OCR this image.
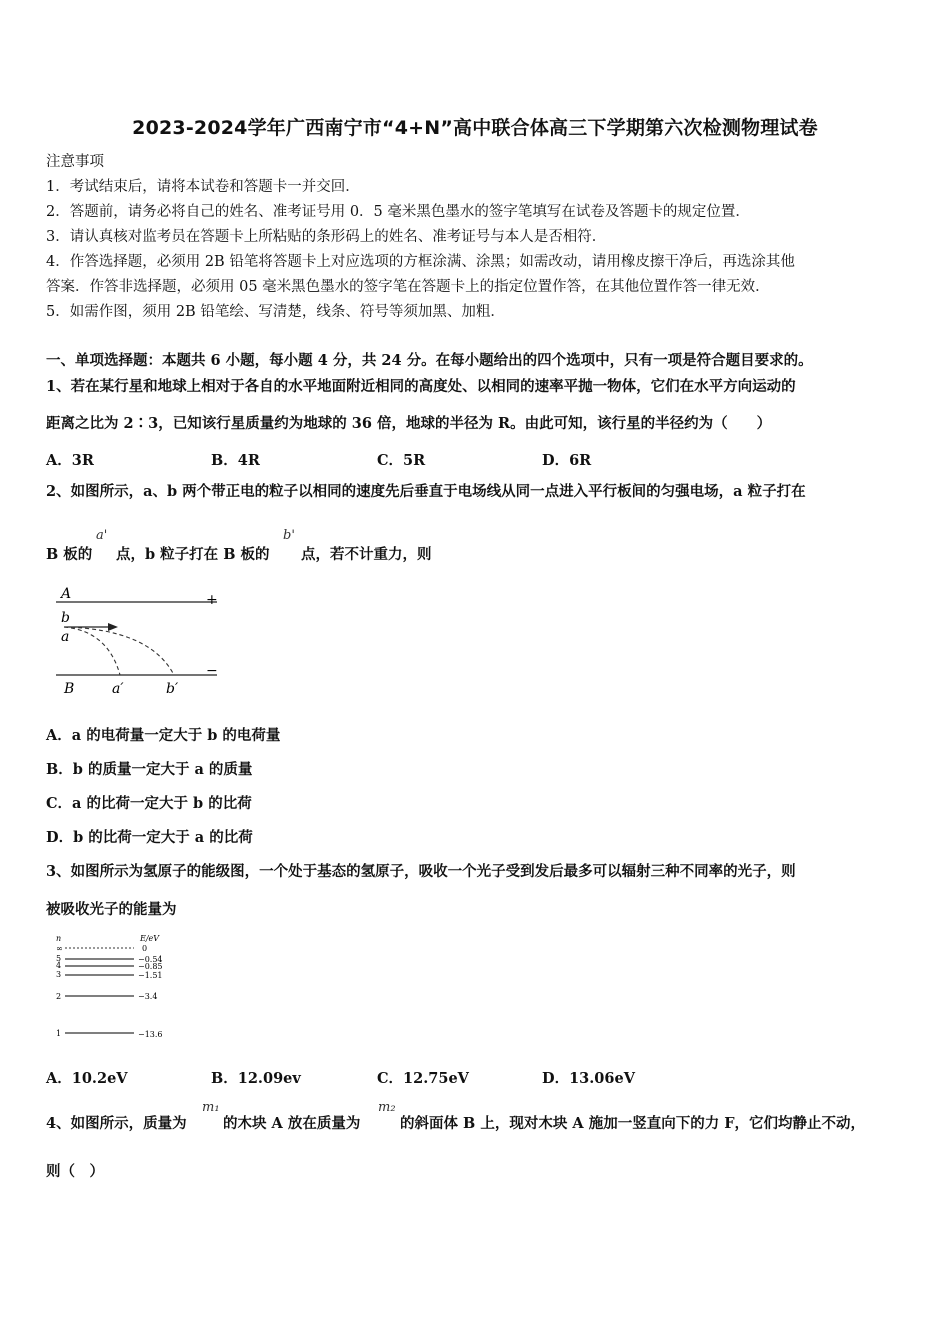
2023-2024学年广西南宁市“4+N”高中联合体高三下学期第六次检测物理试卷
注意事项
1．考试结束后，请将本试卷和答题卡一并交回．
2．答题前，请务必将自己的姓名、准考证号用 0．5 毫米黑色墨水的签字笔填写在试卷及答题卡的规定位置．
3．请认真核对监考员在答题卡上所粘贴的条形码上的姓名、准考证号与本人是否相符．
4．作答选择题，必须用 2B 铅笔将答题卡上对应选项的方框涂满、涂黑；如需改动，请用橡皮擦干净后，再选涂其他
答案．作答非选择题，必须用 05 毫米黑色墨水的签字笔在答题卡上的指定位置作答，在其他位置作答一律无效．
5．如需作图，须用 2B 铅笔绘、写清楚，线条、符号等须加黑、加粗．
一、单项选择题：本题共 6 小题，每小题 4 分，共 24 分。在每小题给出的四个选项中，只有一项是符合题目要求的。
1、若在某行星和地球上相对于各自的水平地面附近相同的高度处、以相同的速率平抛一物体，它们在水平方向运动的
距离之比为 2∶3，已知该行星质量约为地球的 36 倍，地球的半径为 R。由此可知，该行星的半径约为（　　）
A．3R	B．4R	C．5R	D．6R
2、如图所示，a、b 两个带正电的粒子以相同的速度先后垂直于电场线从同一点进入平行板间的匀强电场，a 粒子打在
B 板的
a'
点，b 粒子打在 B 板的
b'
点，若不计重力，则
A	+
b
a
−
B	a′	b′
A．a 的电荷量一定大于 b 的电荷量
B．b 的质量一定大于 a 的质量
C．a 的比荷一定大于 b 的比荷
D．b 的比荷一定大于 a 的比荷
3、如图所示为氢原子的能级图，一个处于基态的氢原子，吸收一个光子受到发后最多可以辐射三种不同率的光子，则
被吸收光子的能量为
n	E/eV
∞	0
5	−0.54
4	−0.85
3	−1.51
2	−3.4
1	−13.6
A．10.2eV	B．12.09ev	C．12.75eV	D．13.06eV
4、如图所示，质量为
m₁
的木块 A 放在质量为
m₂
的斜面体 B 上，现对木块 A 施加一竖直向下的力 F，它们均静止不动，
则（　）
